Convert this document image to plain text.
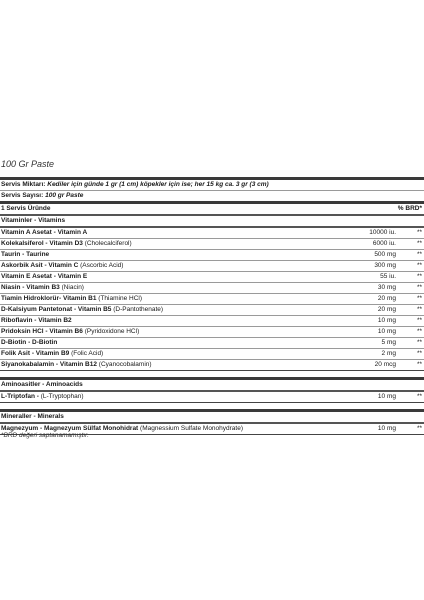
100 Gr Paste
Servis Miktarı: Kediler için günde 1 gr (1 cm) köpekler için ise; her 15 kg ca. 3 gr (3 cm)
Servis Sayısı: 100 gr Paste
1 Servis Üründe	% BRD*
Vitaminler - Vitamins
Vitamin A Asetat - Vitamin A	10000 iu.	**
Kolekalsiferol - Vitamin D3 (Cholecalciferol)	6000 iu.	**
Taurin - Taurine	500 mg	**
Askorbik Asit - Vitamin C (Ascorbic Acid)	300 mg	**
Vitamin E Asetat - Vitamin E	55 iu.	**
Niasin - Vitamin B3 (Niacin)	30 mg	**
Tiamin Hidroklorür- Vitamin B1 (Thiamine HCl)	20 mg	**
D-Kalsiyum Pantetonat - Vitamin B5 (D-Pantothenate)	20 mg	**
Riboflavin - Vitamin B2	10 mg	**
Pridoksin HCl - Vitamin B6 (Pyridoxidone HCl)	10 mg	**
D-Biotin - D-Biotin	5 mg	**
Folik Asit - Vitamin B9 (Folic Acid)	2 mg	**
Siyanokabalamin - Vitamin B12 (Cyanocobalamin)	20 mcg	**
Aminoasitler - Aminoacids
L-Triptofan - (L-Tryptophan)	10 mg	**
Mineraller - Minerals
Magnezyum - Magnezyum Sülfat Monohidrat (Magnessium Sulfate Monohydrate)	10 mg	**
*BRD değeri saptanamamıştır.
